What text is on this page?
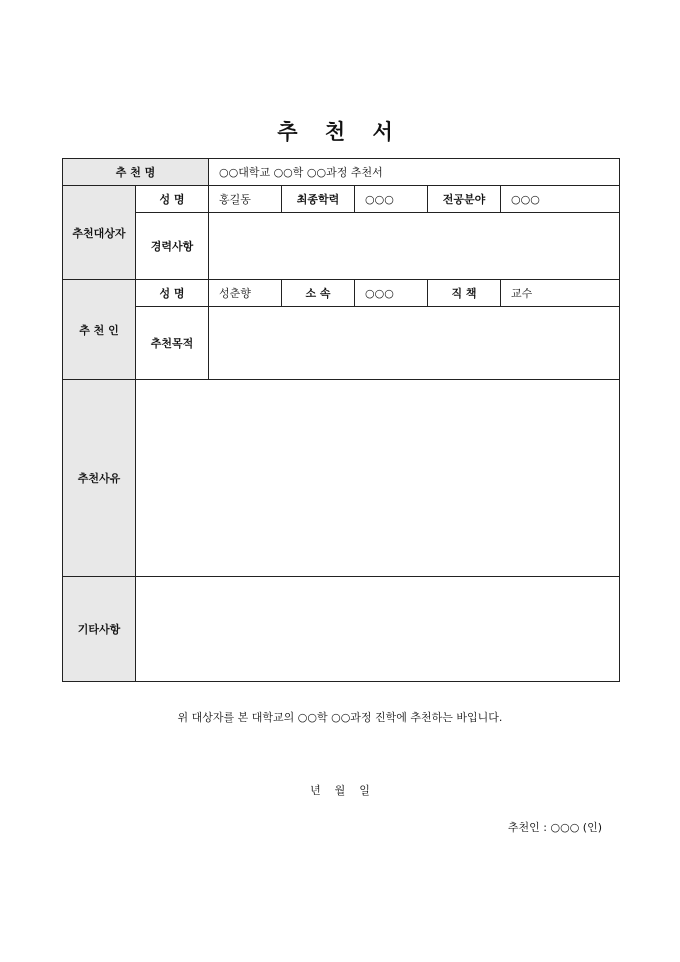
추 천 서
추 천 명		○○대학교 ○○학 ○○과정 추천서				
추천대상자	성 명	홍길동	최종학력	○○○	전공분야	○○○
	경력사항					
추 천 인	성 명	성춘향	소 속	○○○	직 책	교수
	추천목적					
추천사유						
기타사항						
위 대상자를 본 대학교의 ○○학 ○○과정 진학에 추천하는 바입니다.
년    월    일
추천인 : ○○○ (인)
